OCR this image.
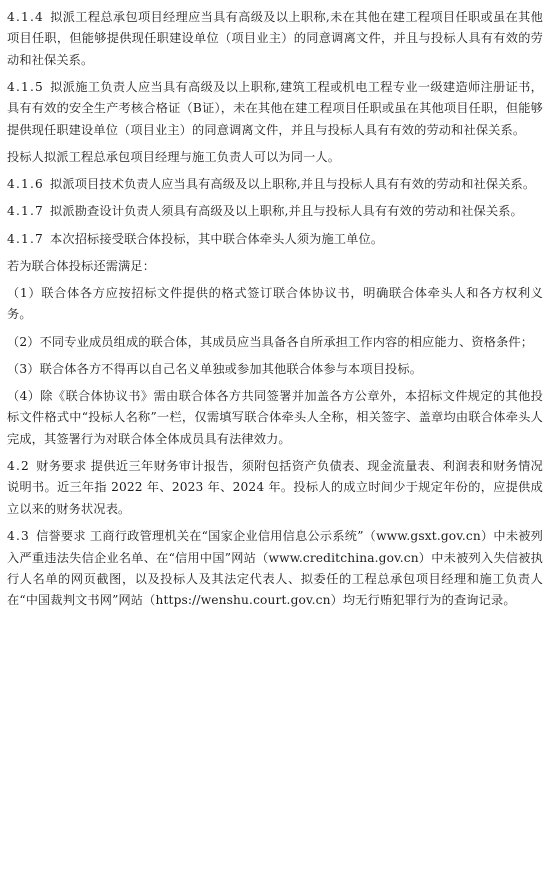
4.1.4 拟派工程总承包项目经理应当具有高级及以上职称,未在其他在建工程项目任职或虽在其他项目任职，但能够提供现任职建设单位（项目业主）的同意调离文件，并且与投标人具有有效的劳动和社保关系。

4.1.5 拟派施工负责人应当具有高级及以上职称,建筑工程或机电工程专业一级建造师注册证书，具有有效的安全生产考核合格证（B证），未在其他在建工程项目任职或虽在其他项目任职，但能够提供现任职建设单位（项目业主）的同意调离文件，并且与投标人具有有效的劳动和社保关系。

投标人拟派工程总承包项目经理与施工负责人可以为同一人。

4.1.6 拟派项目技术负责人应当具有高级及以上职称,并且与投标人具有有效的劳动和社保关系。

4.1.7 拟派勘查设计负责人须具有高级及以上职称,并且与投标人具有有效的劳动和社保关系。

4.1.7 本次招标接受联合体投标，其中联合体牵头人须为施工单位。

若为联合体投标还需满足：

（1）联合体各方应按招标文件提供的格式签订联合体协议书，明确联合体牵头人和各方权利义务。

（2）不同专业成员组成的联合体，其成员应当具备各自所承担工作内容的相应能力、资格条件；

（3）联合体各方不得再以自己名义单独或参加其他联合体参与本项目投标。

（4）除《联合体协议书》需由联合体各方共同签署并加盖各方公章外，本招标文件规定的其他投标文件格式中“投标人名称”一栏，仅需填写联合体牵头人全称，相关签字、盖章均由联合体牵头人完成，其签署行为对联合体全体成员具有法律效力。

4.2 财务要求 提供近三年财务审计报告，须附包括资产负债表、现金流量表、利润表和财务情况说明书。近三年指 2022 年、2023 年、2024 年。投标人的成立时间少于规定年份的，应提供成立以来的财务状况表。

4.3 信誉要求 工商行政管理机关在“国家企业信用信息公示系统”（www.gsxt.gov.cn）中未被列入严重违法失信企业名单、在“信用中国”网站（www.creditchina.gov.cn）中未被列入失信被执行人名单的网页截图，以及投标人及其法定代表人、拟委任的工程总承包项目经理和施工负责人在“中国裁判文书网”网站（https://wenshu.court.gov.cn）均无行贿犯罪行为的查询记录。
